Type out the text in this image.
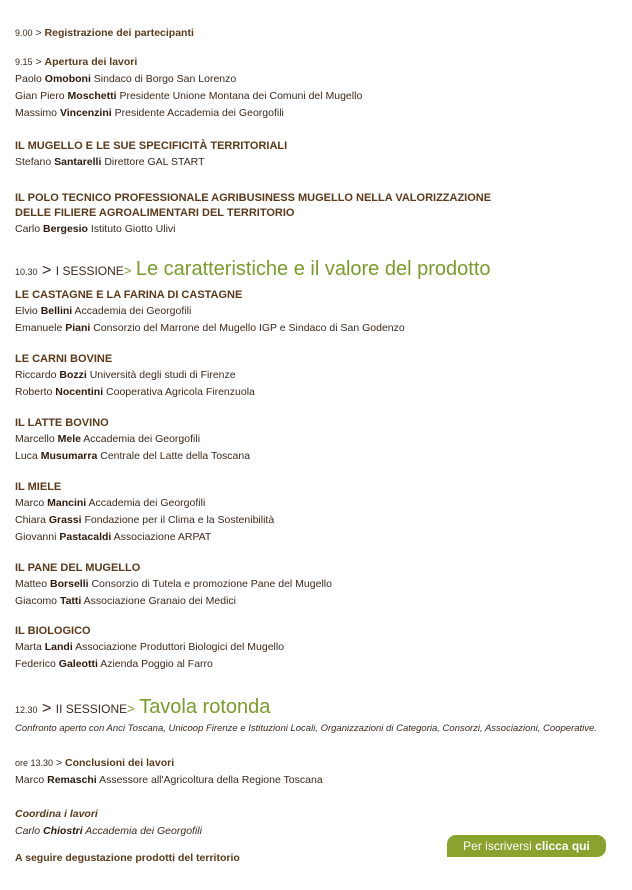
9.00 > Registrazione dei partecipanti
9.15 > Apertura dei lavori
Paolo Omoboni Sindaco di Borgo San Lorenzo
Gian Piero Moschetti Presidente Unione Montana dei Comuni del Mugello
Massimo Vincenzini Presidente Accademia dei Georgofili
IL MUGELLO E LE SUE SPECIFICITÀ TERRITORIALI
Stefano Santarelli Direttore GAL START
IL POLO TECNICO PROFESSIONALE AGRIBUSINESS MUGELLO NELLA VALORIZZAZIONE
DELLE FILIERE AGROALIMENTARI DEL TERRITORIO
Carlo Bergesio Istituto Giotto Ulivi
10.30 > I SESSIONE> Le caratteristiche e il valore del prodotto
LE CASTAGNE E LA FARINA DI CASTAGNE
Elvio Bellini Accademia dei Georgofili
Emanuele Piani Consorzio del Marrone del Mugello IGP e Sindaco di San Godenzo
LE CARNI BOVINE
Riccardo Bozzi Università degli studi di Firenze
Roberto Nocentini Cooperativa Agricola Firenzuola
IL LATTE BOVINO
Marcello Mele Accademia dei Georgofili
Luca Musumarra Centrale del Latte della Toscana
IL MIELE
Marco Mancini Accademia dei Georgofili
Chiara Grassi Fondazione per il Clima e la Sostenibilità
Giovanni Pastacaldi Associazione ARPAT
IL PANE DEL MUGELLO
Matteo Borselli Consorzio di Tutela e promozione Pane del Mugello
Giacomo Tatti Associazione Granaio dei Medici
IL BIOLOGICO
Marta Landi Associazione Produttori Biologici del Mugello
Federico Galeotti Azienda Poggio al Farro
12.30 > II SESSIONE> Tavola rotonda
Confronto aperto con Anci Toscana, Unicoop Firenze e Istituzioni Locali, Organizzazioni di Categoria, Consorzi, Associazioni, Cooperative.
ore 13.30 > Conclusioni dei lavori
Marco Remaschi Assessore all'Agricoltura della Regione Toscana
Coordina i lavori
Carlo Chiostri Accademia dei Georgofili
A seguire degustazione prodotti del territorio
Per iscriversi clicca qui
